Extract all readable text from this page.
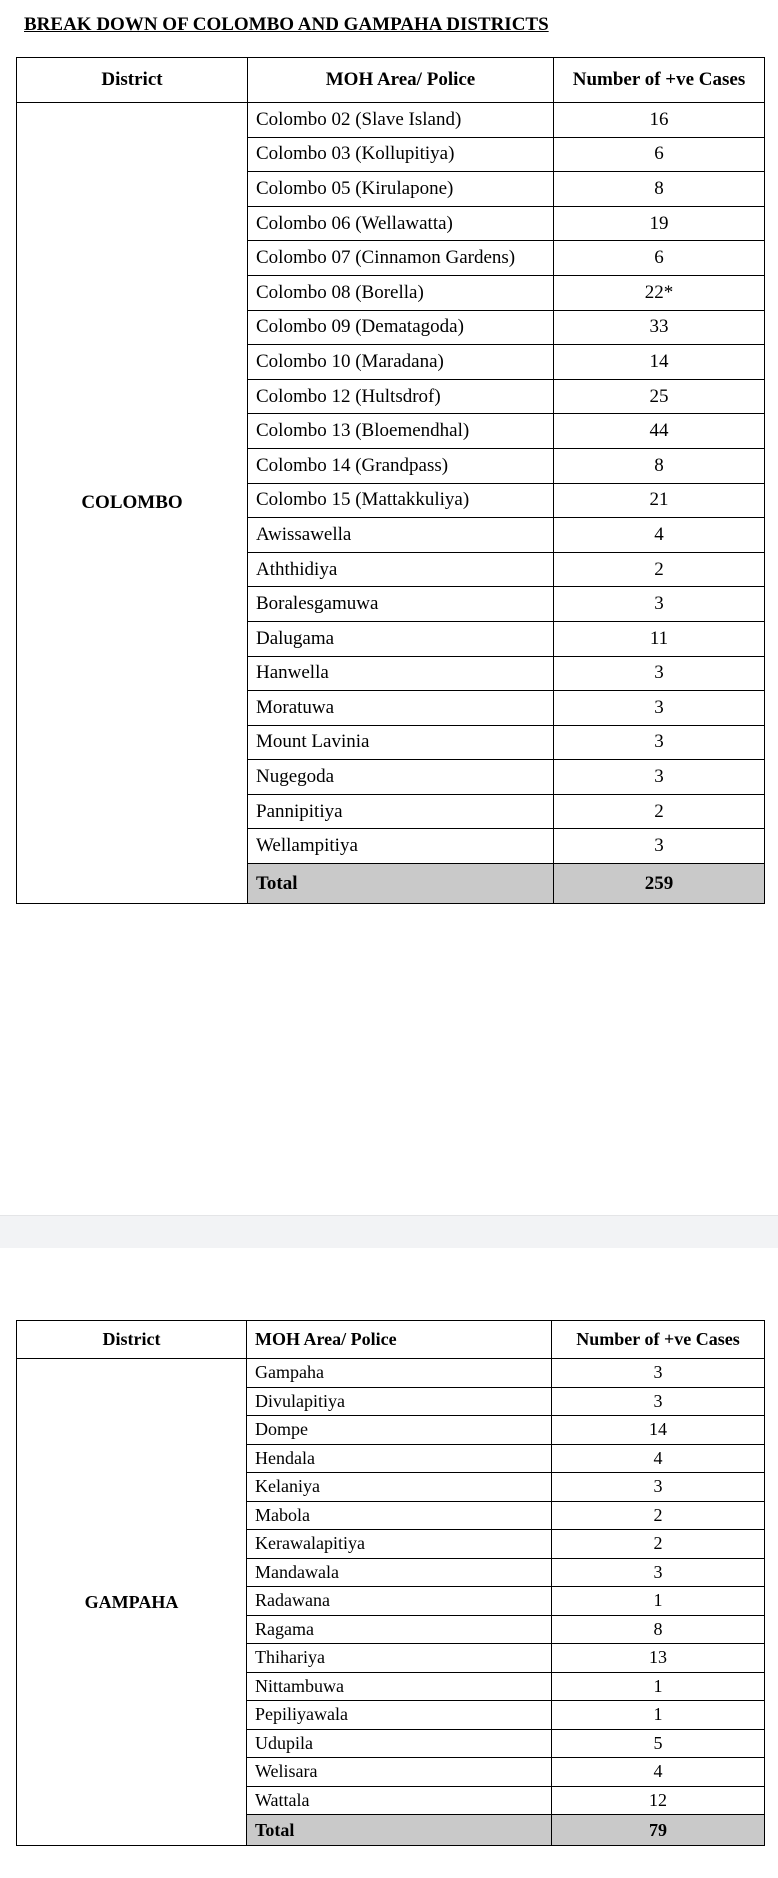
BREAK DOWN OF COLOMBO AND GAMPAHA DISTRICTS
District	MOH Area/ Police	Number of +ve Cases
COLOMBO	Colombo 02 (Slave Island)	16
	Colombo 03 (Kollupitiya)	6
	Colombo 05 (Kirulapone)	8
	Colombo 06 (Wellawatta)	19
	Colombo 07 (Cinnamon Gardens)	6
	Colombo 08 (Borella)	22*
	Colombo 09 (Dematagoda)	33
	Colombo 10 (Maradana)	14
	Colombo 12 (Hultsdrof)	25
	Colombo 13 (Bloemendhal)	44
	Colombo 14 (Grandpass)	8
	Colombo 15 (Mattakkuliya)	21
	Awissawella	4
	Aththidiya	2
	Boralesgamuwa	3
	Dalugama	11
	Hanwella	3
	Moratuwa	3
	Mount Lavinia	3
	Nugegoda	3
	Pannipitiya	2
	Wellampitiya	3
	Total	259
District	MOH Area/ Police	Number of +ve Cases
GAMPAHA	Gampaha	3
	Divulapitiya	3
	Dompe	14
	Hendala	4
	Kelaniya	3
	Mabola	2
	Kerawalapitiya	2
	Mandawala	3
	Radawana	1
	Ragama	8
	Thihariya	13
	Nittambuwa	1
	Pepiliyawala	1
	Udupila	5
	Welisara	4
	Wattala	12
	Total	79
